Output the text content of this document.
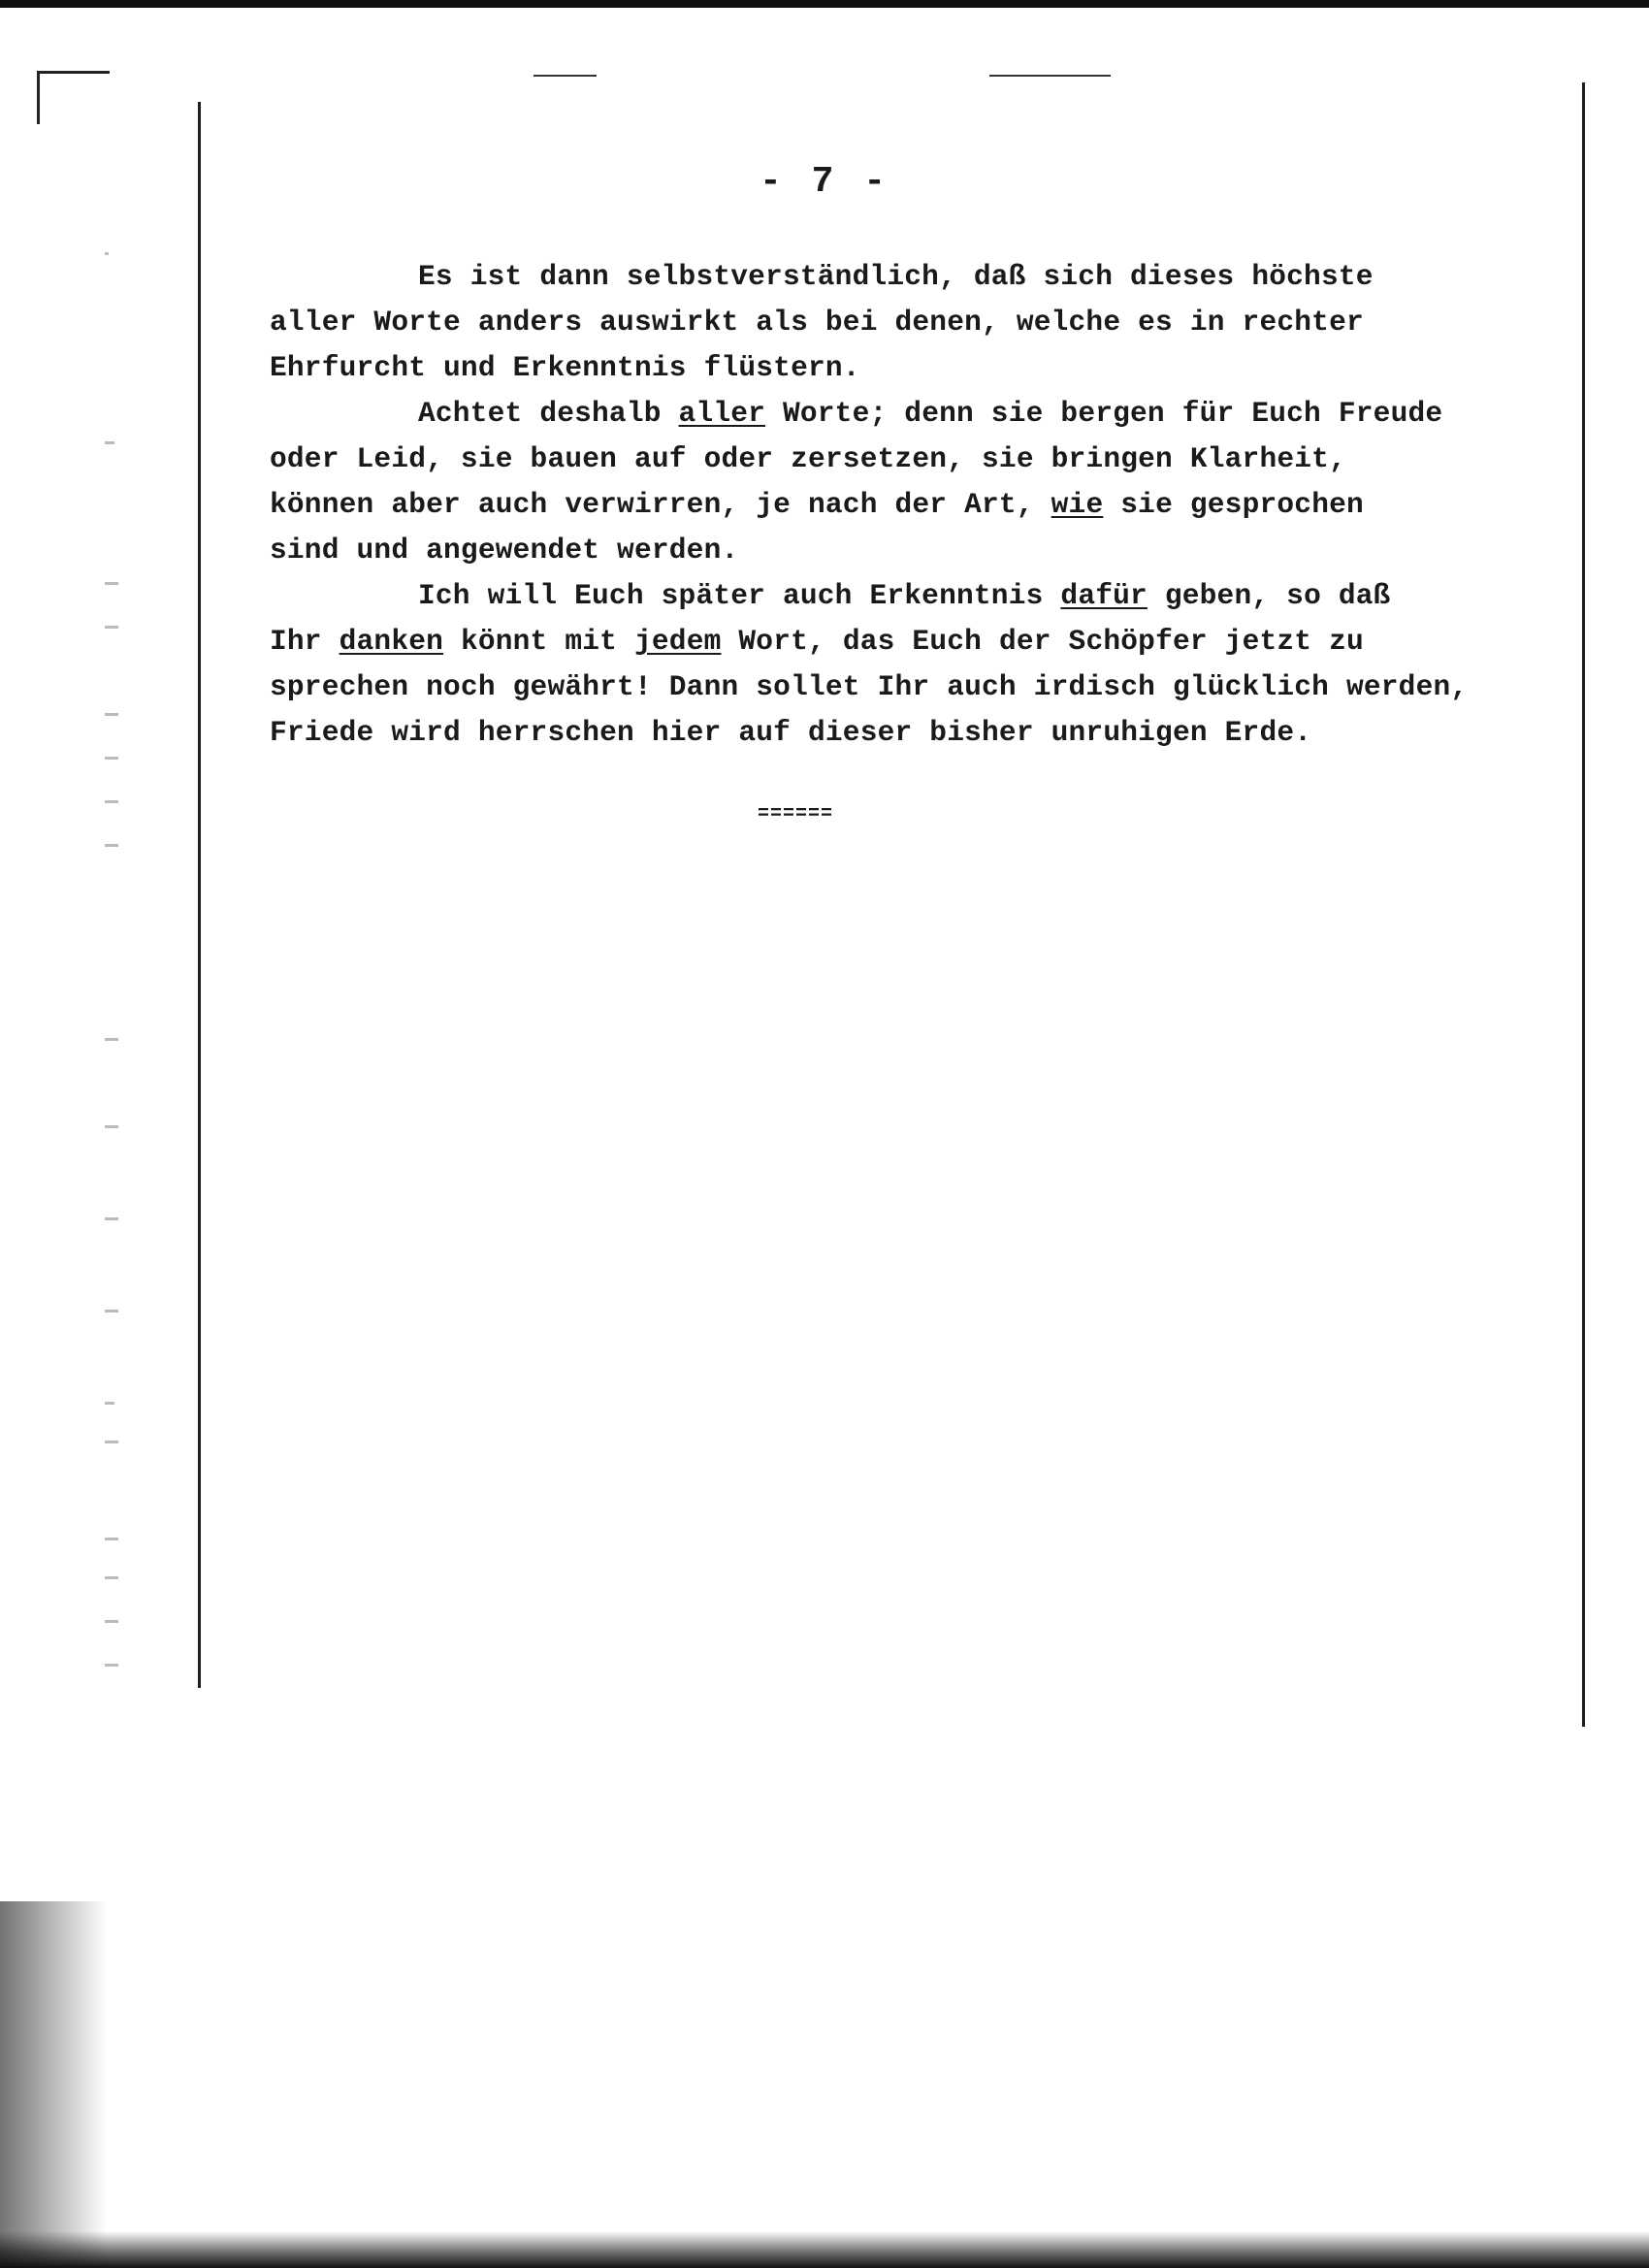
- 7 -
Es ist dann selbstverständlich, daß sich dieses höchste
aller Worte anders auswirkt als bei denen, welche es in rechter
Ehrfurcht und Erkenntnis flüstern.
Achtet deshalb aller Worte; denn sie bergen für Euch Freude
oder Leid, sie bauen auf oder zersetzen, sie bringen Klarheit,
können aber auch verwirren, je nach der Art, wie sie gesprochen
sind und angewendet werden.
Ich will Euch später auch Erkenntnis dafür geben, so daß
Ihr danken könnt mit jedem Wort, das Euch der Schöpfer jetzt zu
sprechen noch gewährt! Dann sollet Ihr auch irdisch glücklich werden,
Friede wird herrschen hier auf dieser bisher unruhigen Erde.
======
